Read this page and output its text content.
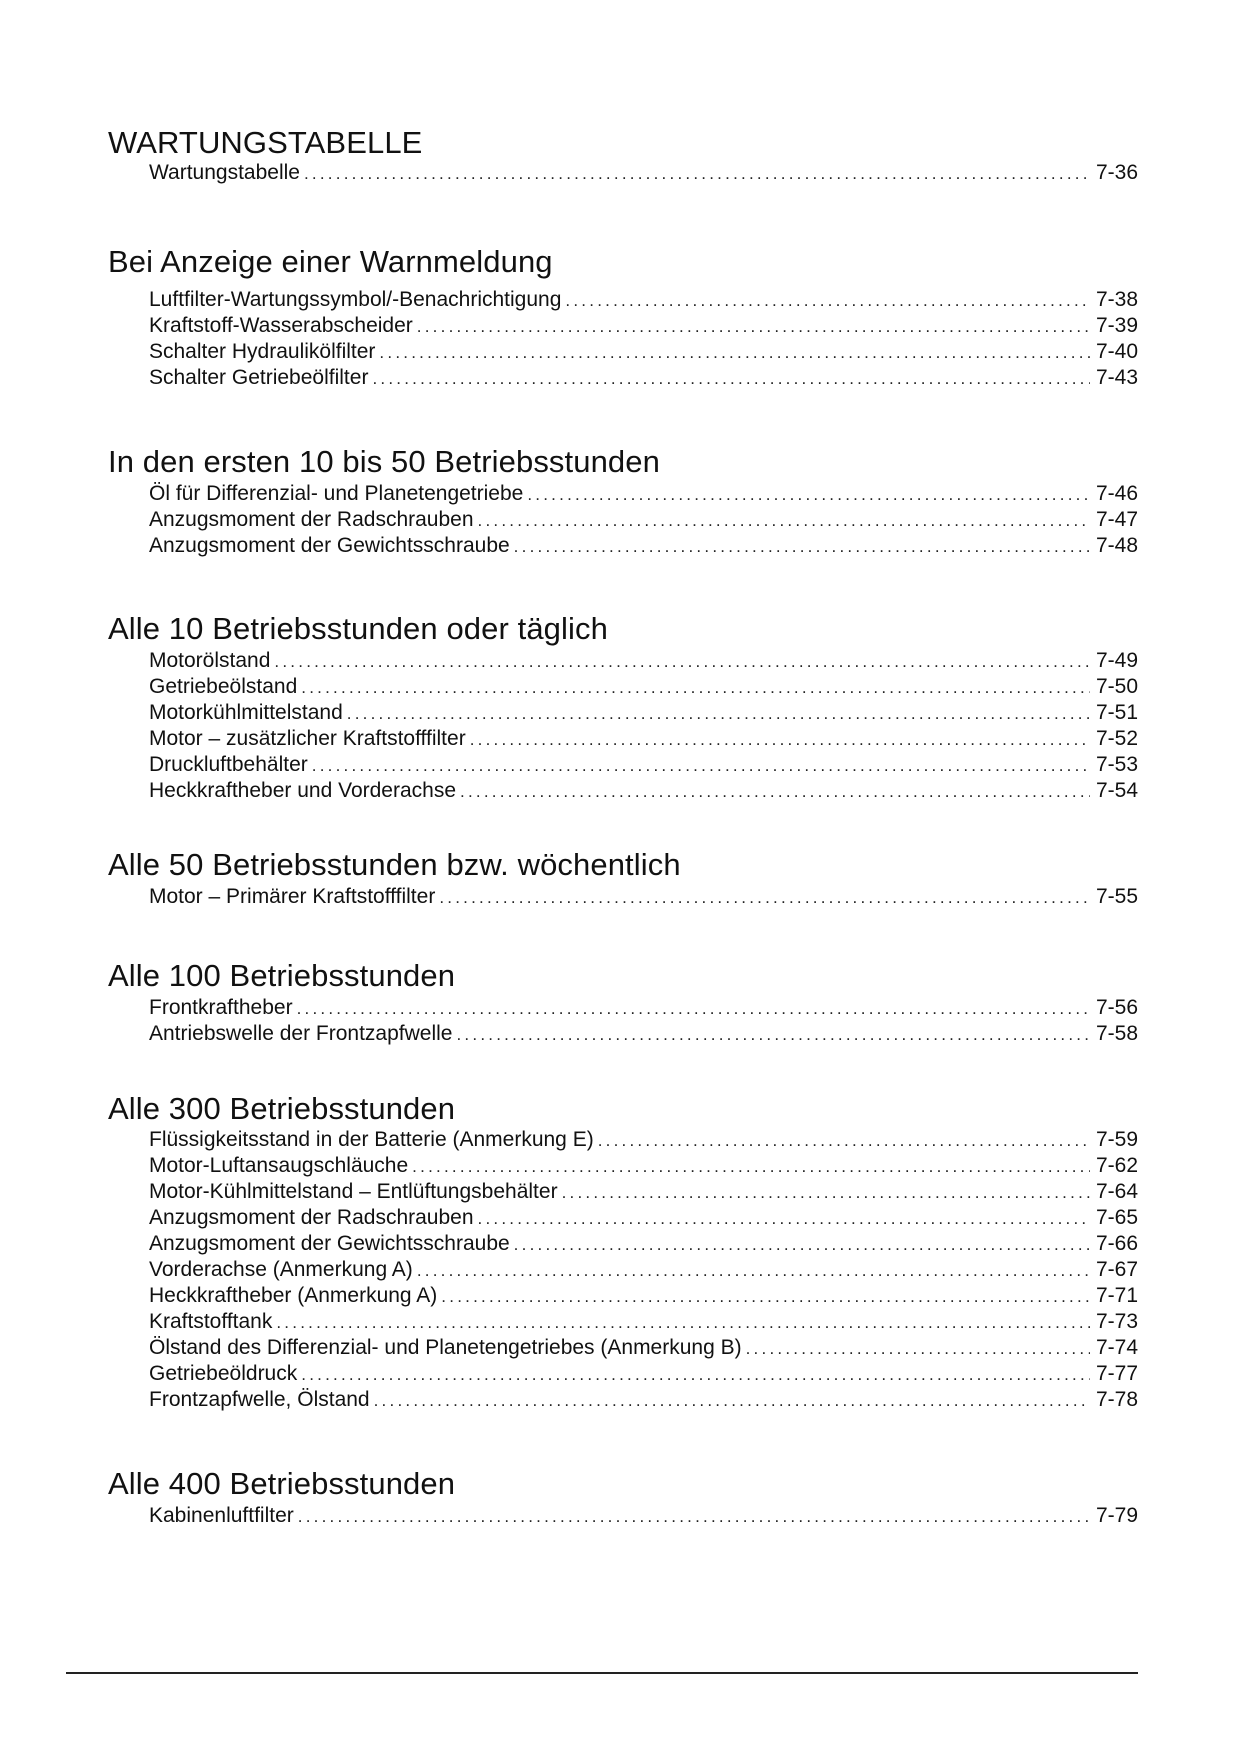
WARTUNGSTABELLE
Wartungstabelle . . .	7-36
Bei Anzeige einer Warnmeldung
Luftfilter-Wartungssymbol/-Benachrichtigung . . .	7-38
Kraftstoff-Wasserabscheider . . .	7-39
Schalter Hydraulikölfilter . . .	7-40
Schalter Getriebeölfilter . . .	7-43
In den ersten 10 bis 50 Betriebsstunden
Öl für Differenzial- und Planetengetriebe . . .	7-46
Anzugsmoment der Radschrauben . . .	7-47
Anzugsmoment der Gewichtsschraube . . .	7-48
Alle 10 Betriebsstunden oder täglich
Motorölstand . . .	7-49
Getriebeölstand . . .	7-50
Motorkühlmittelstand . . .	7-51
Motor – zusätzlicher Kraftstofffilter . . .	7-52
Druckluftbehälter . . .	7-53
Heckkraftheber und Vorderachse . . .	7-54
Alle 50 Betriebsstunden bzw. wöchentlich
Motor – Primärer Kraftstofffilter . . .	7-55
Alle 100 Betriebsstunden
Frontkraftheber . . .	7-56
Antriebswelle der Frontzapfwelle . . .	7-58
Alle 300 Betriebsstunden
Flüssigkeitsstand in der Batterie (Anmerkung E) . . .	7-59
Motor-Luftansaugschläuche . . .	7-62
Motor-Kühlmittelstand – Entlüftungsbehälter . . .	7-64
Anzugsmoment der Radschrauben . . .	7-65
Anzugsmoment der Gewichtsschraube . . .	7-66
Vorderachse (Anmerkung A) . . .	7-67
Heckkraftheber (Anmerkung A) . . .	7-71
Kraftstofftank . . .	7-73
Ölstand des Differenzial- und Planetengetriebes (Anmerkung B) . . .	7-74
Getriebeöldruck . . .	7-77
Frontzapfwelle, Ölstand . . .	7-78
Alle 400 Betriebsstunden
Kabinenluftfilter . . .	7-79
